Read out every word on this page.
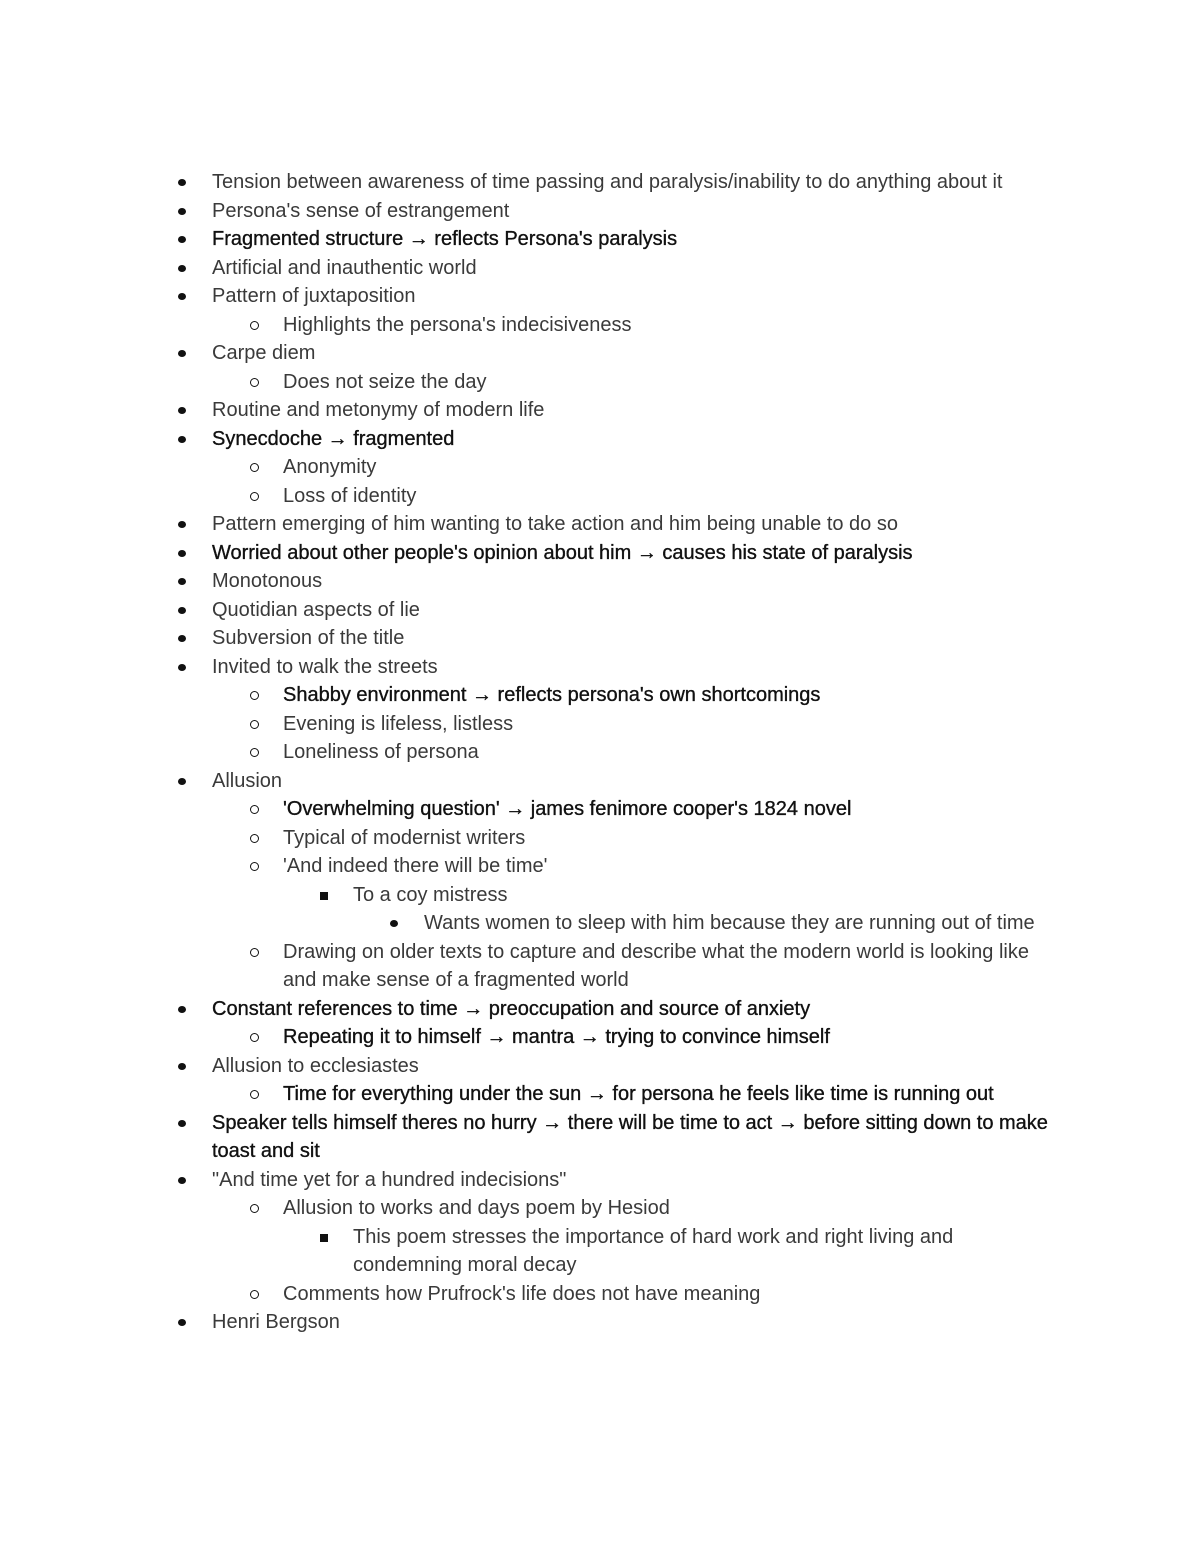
Tension between awareness of time passing and paralysis/inability to do anything about it
Persona's sense of estrangement
Fragmented structure → reflects Persona's paralysis
Artificial and inauthentic world
Pattern of juxtaposition
Highlights the persona's indecisiveness
Carpe diem
Does not seize the day
Routine and metonymy of modern life
Synecdoche → fragmented
Anonymity
Loss of identity
Pattern emerging of him wanting to take action and him being unable to do so
Worried about other people's opinion about him → causes his state of paralysis
Monotonous
Quotidian aspects of lie
Subversion of the title
Invited to walk the streets
Shabby environment → reflects persona's own shortcomings
Evening is lifeless, listless
Loneliness of persona
Allusion
'Overwhelming question' → james fenimore cooper's 1824 novel
Typical of modernist writers
'And indeed there will be time'
To a coy mistress
Wants women to sleep with him because they are running out of time
Drawing on older texts to capture and describe what the modern world is looking like and make sense of a fragmented world
Constant references to time → preoccupation and source of anxiety
Repeating it to himself → mantra → trying to convince himself
Allusion to ecclesiastes
Time for everything under the sun → for persona he feels like time is running out
Speaker tells himself theres no hurry → there will be time to act → before sitting down to make toast and sit
"And time yet for a hundred indecisions"
Allusion to works and days poem by Hesiod
This poem stresses the importance of hard work and right living and condemning moral decay
Comments how Prufrock's life does not have meaning
Henri Bergson
